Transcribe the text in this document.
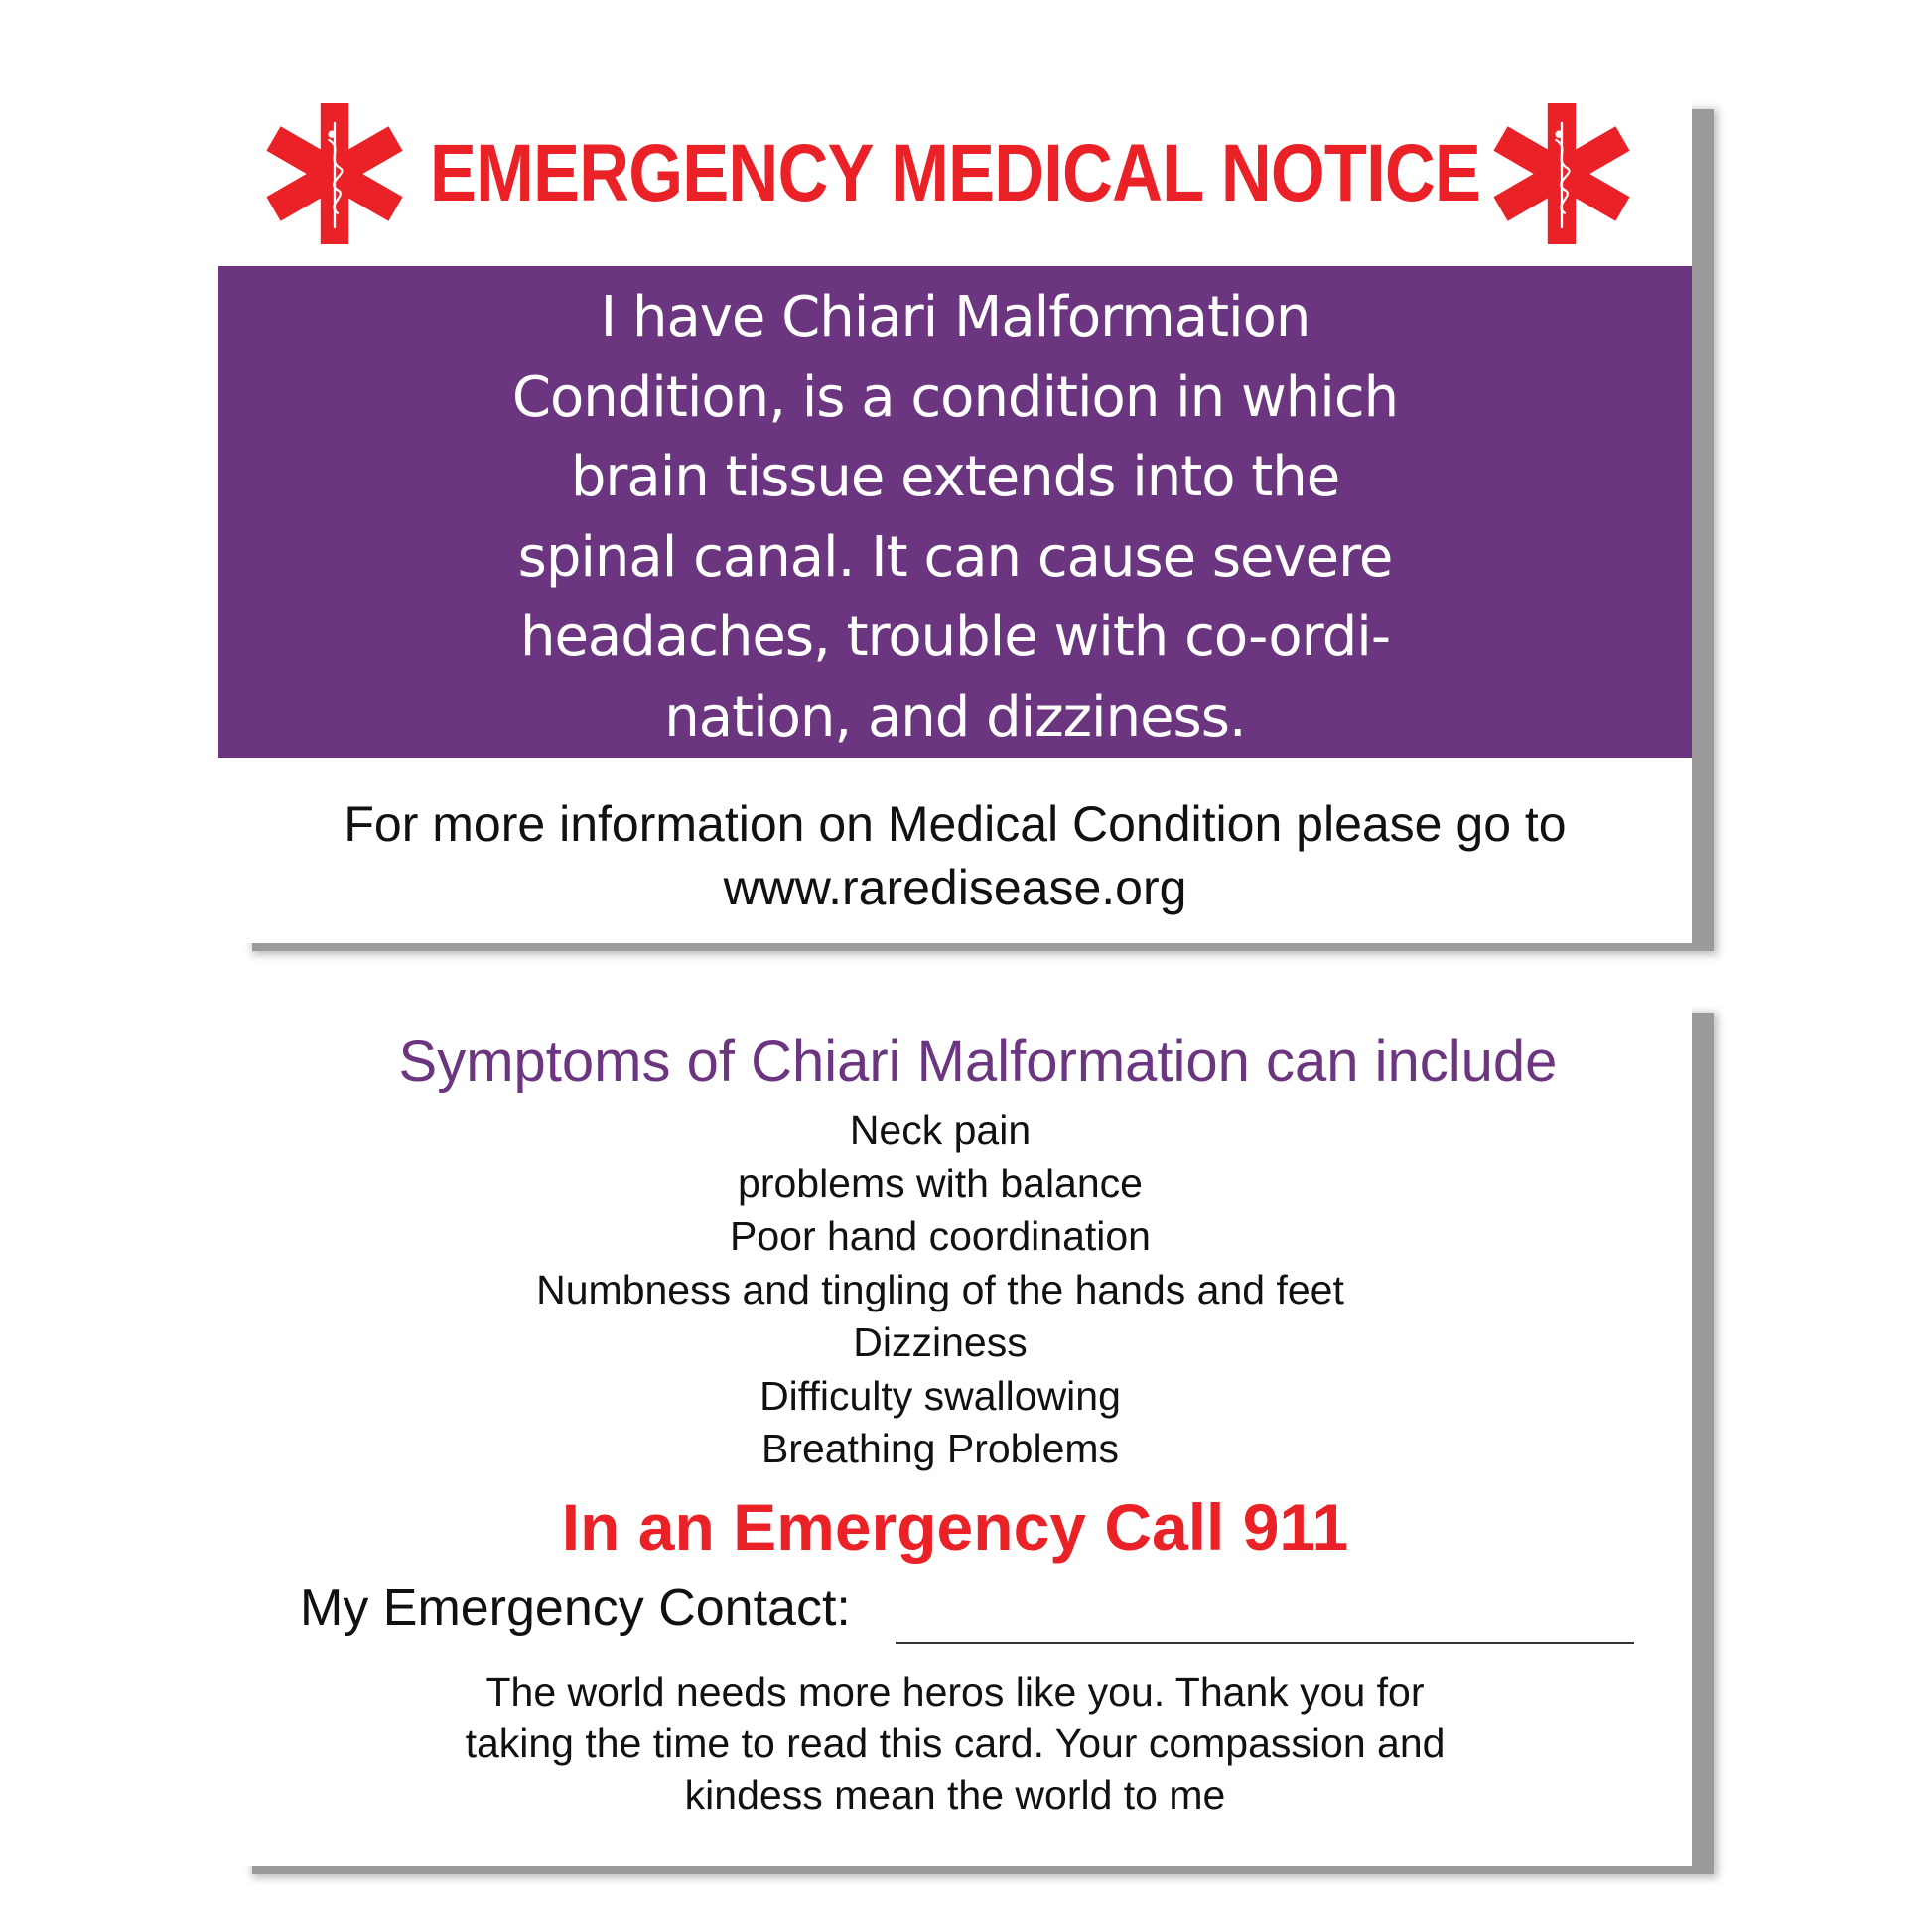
EMERGENCY MEDICAL NOTICE

I have Chiari Malformation
Condition, is a condition in which
brain tissue extends into the
spinal canal. It can cause severe
headaches, trouble with co-ordi-
nation, and dizziness.

For more information on Medical Condition please go to
www.raredisease.org
Symptoms of Chiari Malformation can include
Neck pain
problems with balance
Poor hand coordination
Numbness and tingling of the hands and feet
Dizziness
Difficulty swallowing
Breathing Problems
In an Emergency Call 911
My Emergency Contact:
The world needs more heros like you. Thank you for
taking the time to read this card. Your compassion and
kindess mean the world to me
